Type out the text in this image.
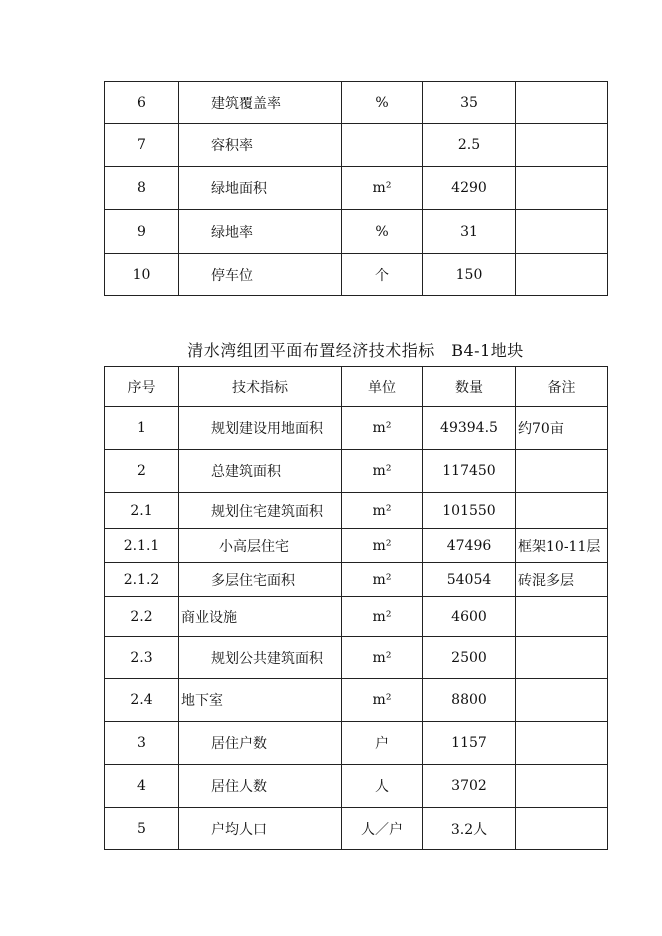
6	建筑覆盖率	%	35	
7	容积率		2.5	
8	绿地面积	m²	4290	
9	绿地率	%	31	
10	停车位	个	150	
清水湾组团平面布置经济技术指标　B4-1地块
序号	技术指标	单位	数量	备注
1	规划建设用地面积	m²	49394.5	约70亩
2	总建筑面积	m²	117450	
2.1	规划住宅建筑面积	m²	101550	
2.1.1	小高层住宅	m²	47496	框架10-11层
2.1.2	多层住宅面积	m²	54054	砖混多层
2.2	商业设施	m²	4600	
2.3	规划公共建筑面积	m²	2500	
2.4	地下室	m²	8800	
3	居住户数	户	1157	
4	居住人数	人	3702	
5	户均人口	人／户	3.2人	
